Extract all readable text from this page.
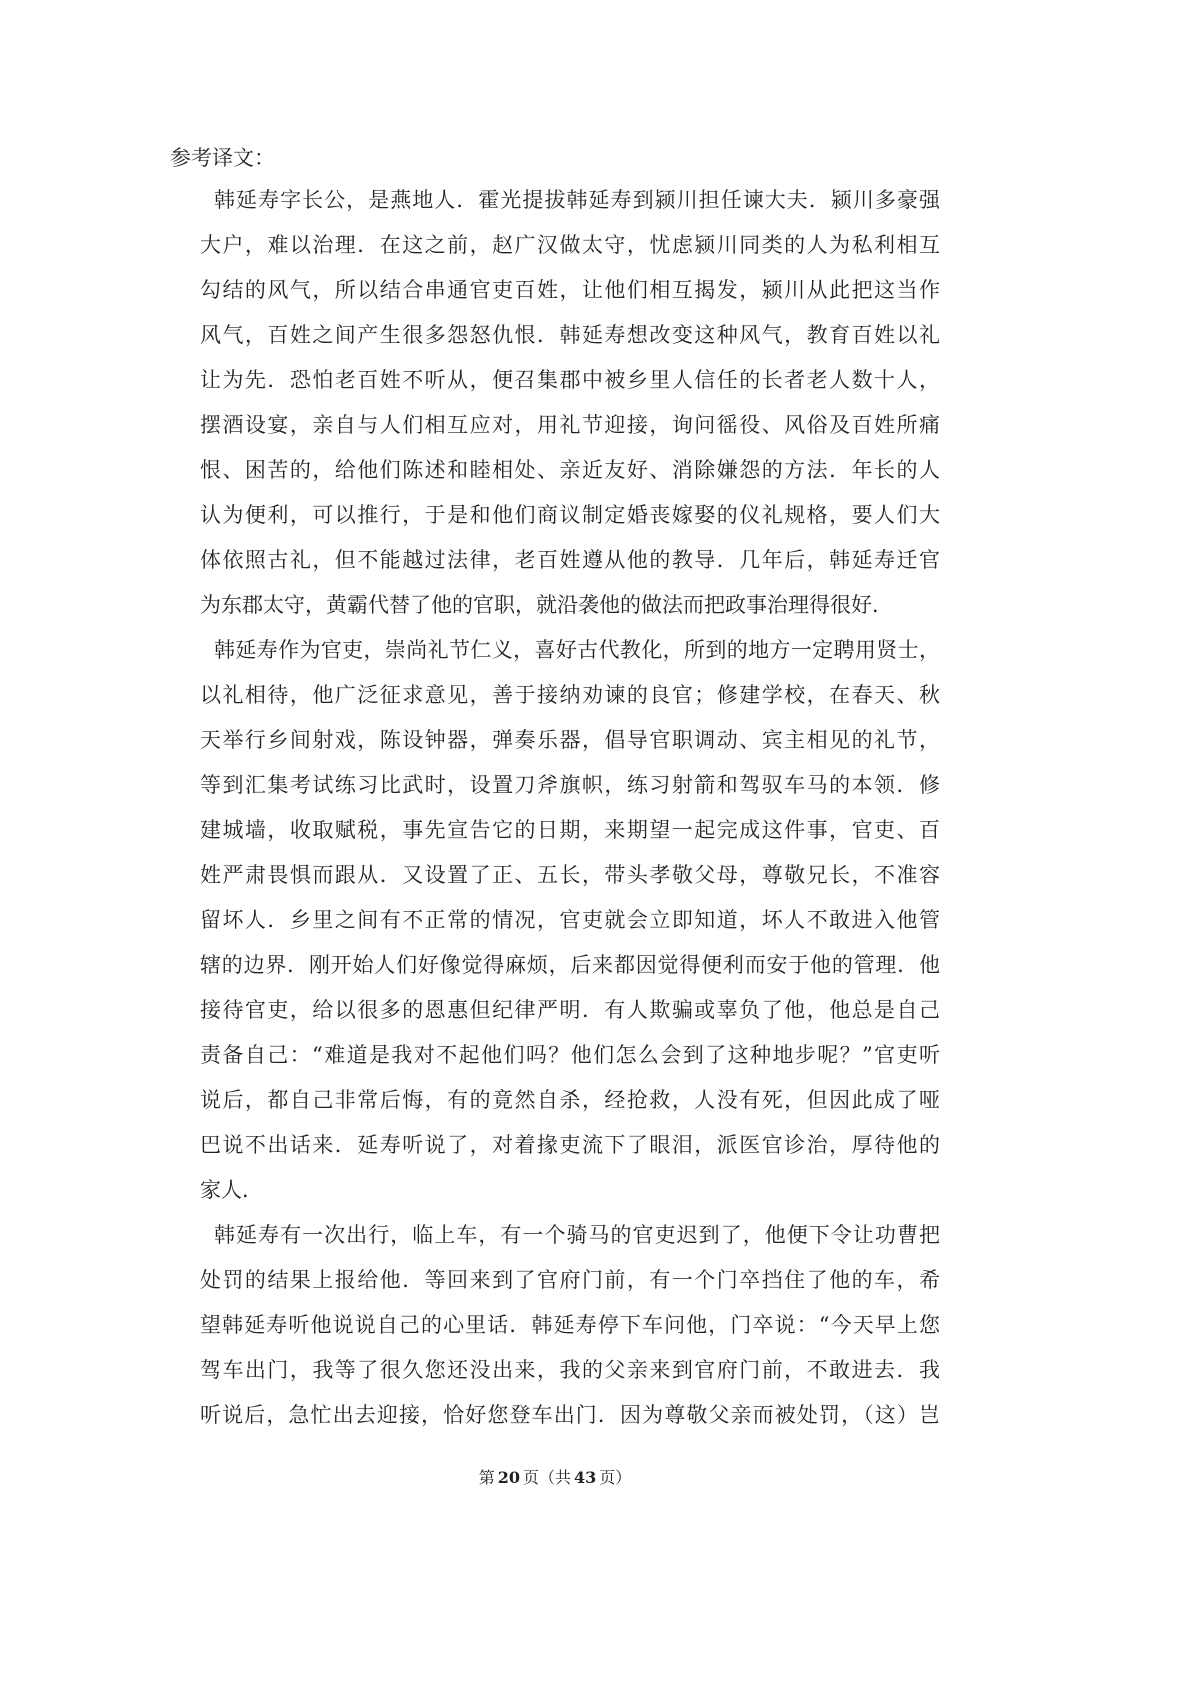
参考译文：
韩延寿字长公，是燕地人．霍光提拔韩延寿到颍川担任谏大夫．颍川多豪强
大户，难以治理．在这之前，赵广汉做太守，忧虑颍川同类的人为私利相互
勾结的风气，所以结合串通官吏百姓，让他们相互揭发，颍川从此把这当作
风气，百姓之间产生很多怨怒仇恨．韩延寿想改变这种风气，教育百姓以礼
让为先．恐怕老百姓不听从，便召集郡中被乡里人信任的长者老人数十人，
摆酒设宴，亲自与人们相互应对，用礼节迎接，询问徭役、风俗及百姓所痛
恨、困苦的，给他们陈述和睦相处、亲近友好、消除嫌怨的方法．年长的人
认为便利，可以推行，于是和他们商议制定婚丧嫁娶的仪礼规格，要人们大
体依照古礼，但不能越过法律，老百姓遵从他的教导．几年后，韩延寿迁官
为东郡太守，黄霸代替了他的官职，就沿袭他的做法而把政事治理得很好．
韩延寿作为官吏，崇尚礼节仁义，喜好古代教化，所到的地方一定聘用贤士，
以礼相待，他广泛征求意见，善于接纳劝谏的良官；修建学校，在春天、秋
天举行乡间射戏，陈设钟器，弹奏乐器，倡导官职调动、宾主相见的礼节，
等到汇集考试练习比武时，设置刀斧旗帜，练习射箭和驾驭车马的本领．修
建城墙，收取赋税，事先宣告它的日期，来期望一起完成这件事，官吏、百
姓严肃畏惧而跟从．又设置了正、五长，带头孝敬父母，尊敬兄长，不准容
留坏人．乡里之间有不正常的情况，官吏就会立即知道，坏人不敢进入他管
辖的边界．刚开始人们好像觉得麻烦，后来都因觉得便利而安于他的管理．他
接待官吏，给以很多的恩惠但纪律严明．有人欺骗或辜负了他，他总是自己
责备自己：“难道是我对不起他们吗？他们怎么会到了这种地步呢？”官吏听
说后，都自己非常后悔，有的竟然自杀，经抢救，人没有死，但因此成了哑
巴说不出话来．延寿听说了，对着掾吏流下了眼泪，派医官诊治，厚待他的
家人．
韩延寿有一次出行，临上车，有一个骑马的官吏迟到了，他便下令让功曹把
处罚的结果上报给他．等回来到了官府门前，有一个门卒挡住了他的车，希
望韩延寿听他说说自己的心里话．韩延寿停下车问他，门卒说：“今天早上您
驾车出门，我等了很久您还没出来，我的父亲来到官府门前，不敢进去．我
听说后，急忙出去迎接，恰好您登车出门．因为尊敬父亲而被处罚，（这）岂
第 20 页（共 43 页）
